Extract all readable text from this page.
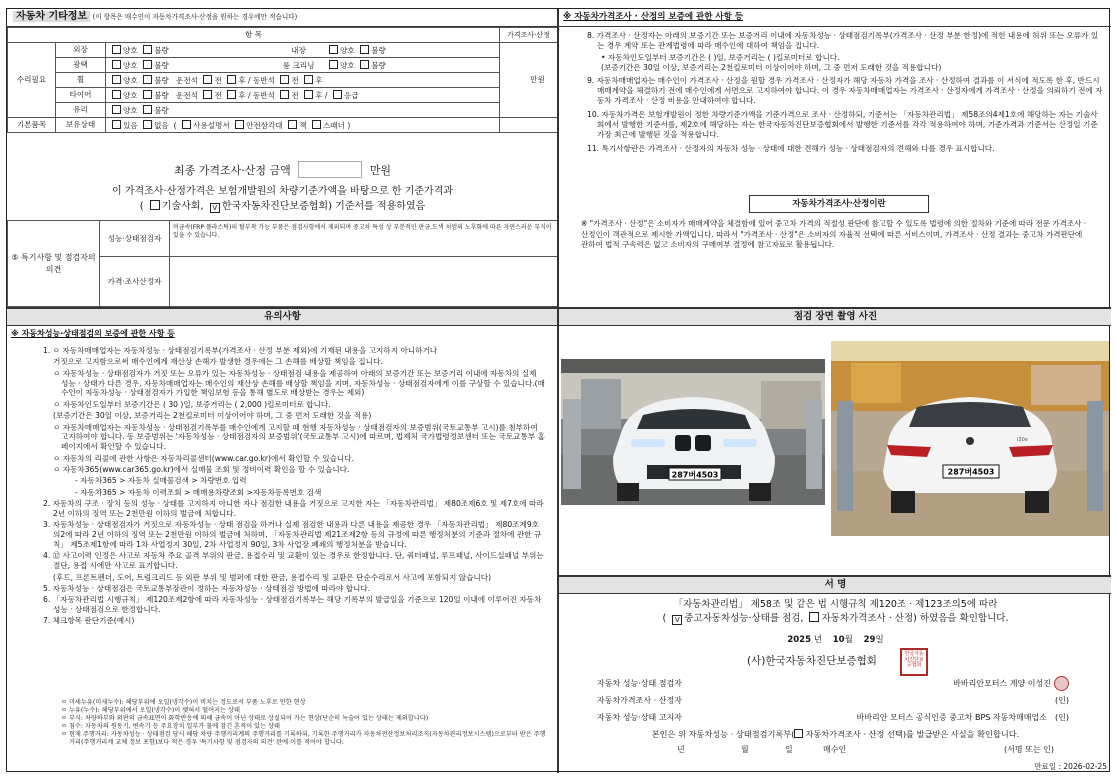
자동차 기타정보 (이 항목은 매수인이 자동차가격조사·산정을 원하는 경우에만 적습니다)
항 목			가격조사·산정
수리필요	외장	양호 불량 내장 양호 불량	만원
	광택	양호 불량 룸 크리닝 양호 불량	
	휠	양호 불량 운전석 전 후 / 동반석 전 후	
	타이어	양호 불량 운전석 전 후 / 동반석 전 후 / 응급	
	유리	양호 불량	
기본품목	보유상태	있음 없음 ( 사용설명서 안전삼각대 잭 스패너 )	
최종 가격조사·산정 금액	만원
이 가격조사·산정가격은 보험개발원의 차량기준가액을 바탕으로 한 기준가격과
( 기술사회, V 한국자동차진단보증협회) 기준서를 적용하였음
⑤ 특기사항 및 점검자의 의견	성능·상태점검자	비금속(FRP 플라스틱)의 탈부착 가능 부품은 점검사항에서 제외되며 중고차 특성 상 부분적인 판금,도색 처럼의 노후화에 따른 자연스러운 부식이 있을 수 있습니다.
	가격·조사산정자	
※ 자동차가격조사 · 산정의 보증에 관한 사항 등

8. 가격조사 · 산정자는 아래의 보증기간 또는 보증거리 이내에 자동차성능 · 상태점검기록부(가격조사 · 산정 부분 한정)에 적힌 내용에 허위 또는 오류가 있는 경우 계약 또는 관계법령에 따라 매수인에 대하여 책임을 집니다.

• 자동차인도일부터 보증기간은 ( )일, 보증거리는 ( )킬로미터로 합니다.

(보증기간은 30일 이상, 보증거리는 2천킬로미터 이상이어야 하며, 그 중 먼저 도래한 것을 적용합니다)

9. 자동차매매업자는 매수인이 가격조사 · 산정을 원할 경우 가격조사 · 산정자가 해당 자동차 가격을 조사 · 산정하여 결과를 이 서식에 적도록 한 후, 반드시 매매계약을 체결하기 전에 매수인에게 서면으로 고지하여야 합니다. 이 경우 자동차매매업자는 가격조사 · 산정자에게 가격조사 · 산정을 의뢰하기 전에 자동차 가격조사 · 산정 비용을 안내하여야 합니다.

10. 자동차가격은 보험개발원이 정한 차량기준가액을 기준가격으로 조사 · 산정하되, 기준서는 「자동차관리법」 제58조의4제1호에 해당하는 자는 기술사회에서 발행한 기준서를, 제2호에 해당하는 자는 한국자동차진단보증협회에서 발행한 기준서를 각각 적용하여야 하며, 기준가격과 기준서는 산정일 기준 가장 최근에 발행된 것을 적용합니다.

11. 특기사항란은 가격조사 · 산정자의 자동차 성능 · 상태에 대한 견해가 성능 · 상태점검자의 견해와 다를 경우 표시합니다.

자동차가격조사·산정이란
※ "가격조사 · 산정"은 소비자가 매매계약을 체결함에 있어 중고차 가격의 적절성 판단에 참고할 수 있도록 법령에 의한 절차와 기준에 따라 전문 가격조사 · 산정인이 객관적으로 제시한 가액입니다. 따라서 "가격조사 · 산정"은 소비자의 자율적 선택에 따른 서비스이며, 가격조사 · 산정 결과는 중고차 가격판단에 관하여 법적 구속력은 없고 소비자의 구매여부 결정에 참고자료로 활용됩니다.
유의사항
※ 자동차성능·상태점검의 보증에 관한 사항 등

1. ㅇ 자동차매매업자는 자동차성능 · 상태점검기록부(가격조사 · 산정 부분 제외)에 기재된 내용을 고지하지 아니하거나

거짓으로 고지함으로써 매수인에게 재산상 손해가 발생한 경우에는 그 손해를 배상할 책임을 집니다.

ㅇ 자동차성능 · 상태점검자가 거짓 또는 오류가 있는 자동차성능 · 상태점검 내용을 제공하여 아래의 보증기간 또는 보증거리 이내에 자동차의 실제 성능 · 상태가 다른 경우, 자동차매매업자는 매수인의 재산상 손해를 배상할 책임을 지며, 자동차성능 · 상태점검자에게 이를 구상할 수 있습니다.(매수인이 자동차성능 · 상태점검자가 가입한 책임보험 등을 통해 별도로 배상받는 경우는 제외)

ㅇ 자동차인도일부터 보증기간은 ( 30 )일, 보증거리는 ( 2,000 )킬로미터로 합니다.

(보증기간은 30일 이상, 보증거리는 2천킬로미터 이상이어야 하며, 그 중 먼저 도래한 것을 적용)

ㅇ 자동차매매업자는 자동차성능 · 상태점검기록부를 매수인에게 고지할 때 현행 자동차성능 · 상태점검자의 보증범위(국토교통부 고시)를 첨부하여 고지하여야 합니다. 동 보증범위는 '자동차성능 · 상태점검자의 보증범위'(국토교통부 고시)에 따르며, 법제처 국가법령정보센터 또는 국토교통부 홈페이지에서 확인할 수 있습니다.

ㅇ 자동차의 리콜에 관한 사항은 자동차리콜센터(www.car.go.kr)에서 확인할 수 있습니다.

ㅇ 자동차365(www.car365.go.kr)에서 실매물 조회 및 정비이력 확인을 할 수 있습니다.

- 자동차365 > 자동차 실매물검색 > 차량번호 입력

- 자동차365 > 자동차 이력조회 > 매매용차량조회 >자동차등록번호 검색

2. 자동차의 구조 · 장치 등의 성능 · 상태를 고지하지 아니한 자나 점검한 내용을 거짓으로 고지한 자는 「자동차관리법」 제80조제6호 및 제7호에 따라 2년 이하의 징역 또는 2천만원 이하의 벌금에 처합니다.

3. 자동차성능 · 상태점검자가 거짓으로 자동차성능 · 상태 점검을 하거나 실제 점검한 내용과 다른 내용을 제공한 경우 「자동차관리법」 제80조제9호의2에 따라 2년 이하의 징역 또는 2천만원 이하의 벌금에 처하며, 「자동차관리법 제21조제2항 등의 규정에 따른 행정처분의 기준과 절차에 관한 규칙」 제5조제1항에 따라 1차 사업정지 30일, 2차 사업정지 90일, 3차 사업장 폐쇄의 행정처분을 받습니다.

4. ⑫ 사고이력 인정은 사고로 자동차 주요 골격 부위의 판금, 용접수리 및 교환이 있는 경우로 한정합니다. 단, 쿼터패널, 루프패널, 사이드실패널 부위는 절단, 용접 시에만 사고로 표기합니다.

(후드, 프론트펜더, 도어, 트렁크리드 등 외판 부위 및 범퍼에 대한 판금, 용접수리 및 교환은 단순수리로서 사고에 포함되지 않습니다)

5. 자동차성능 · 상태점검은 국토교통부장관이 정하는 자동차성능 · 상태점검 방법에 따라야 합니다.

6. 「자동차관리법 시행규칙」 제120조제2항에 따라 자동차성능 · 상태점검기록부는 해당 기록부의 발급일을 기준으로 120일 이내에 이루어진 자동차 성능 · 상태점검으로 한정합니다.

7. 체크항목 판단기준(예시)

ㅇ 미세누유(미세누수): 해당부위에 오일(냉각수)이 비치는 정도로서 부품 노후로 인한 현상

ㅇ 누유(누수): 해당부위에서 오일(냉각수)이 맺혀서 떨어지는 상태

ㅇ 부식: 차량하부와 외판의 금속표면이 화학반응에 의해 금속이 아닌 상태로 상실되어 가는 현상(단순히 녹슬어 있는 상태는 제외합니다)

ㅇ 침수: 자동차의 원동기, 변속기 등 주요장치 일부가 물에 잠긴 흔적이 있는 상태

ㅇ 현재 주행거리: 자동차성능 · 상태점검 당시 해당 차량 주행거리계의 주행거리를 기록하되, 기록한 주행거리가 자동차전산정보처리조직(자동차관리정보시스템)으로부터 받은 주행거리(주행거리계 교체 정보 포함)보다 적은 경우 '특기사항 및 점검자의 의견' 란에 이를 적어야 합니다.

점검 장면 촬영 사진
287버4503
i30e
287버4503
서 명
「자동차관리법」 제58조 및 같은 법 시행규칙 제120조 · 제123조의5에 따라
( V 중고자동차성능·상태를 점검, 자동차가격조사 · 산정) 하였음을 확인합니다.
2025 년 10월 29일
(사)한국자동차진단보증협회
한국자동차진단보증협회
자동차 성능·상태 점검자	바바리안모터스 계양 이성진
자동차가격조사 · 산정자	(인)
자동차 성능·상태 고지자	바바리안 모터스 공식인증 중고차 BPS 자동차매매업소 (인)
본인은 위 자동차성능 · 상태점검기록부( 자동차가격조사 · 산정 선택)를 발급받은 사실을 확인합니다.
년	월	일	매수인	(서명 또는 인)
만료일 : 2026-02-25
